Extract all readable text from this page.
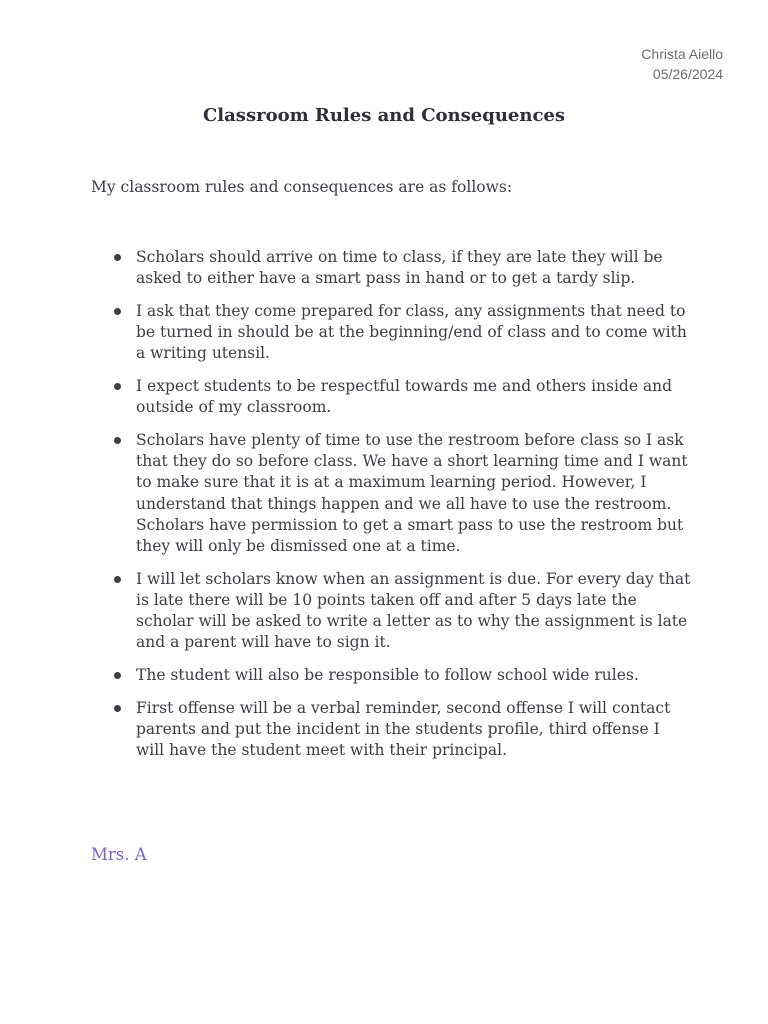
Christa Aiello
05/26/2024
Classroom Rules and Consequences

My classroom rules and consequences are as follows:

Scholars should arrive on time to class, if they are late they will be asked to either have a smart pass in hand or to get a tardy slip.
I ask that they come prepared for class, any assignments that need to be turned in should be at the beginning/end of class and to come with a writing utensil.
I expect students to be respectful towards me and others inside and outside of my classroom.
Scholars have plenty of time to use the restroom before class so I ask that they do so before class. We have a short learning time and I want to make sure that it is at a maximum learning period. However, I understand that things happen and we all have to use the restroom. Scholars have permission to get a smart pass to use the restroom but they will only be dismissed one at a time.
I will let scholars know when an assignment is due. For every day that is late there will be 10 points taken off and after 5 days late the scholar will be asked to write a letter as to why the assignment is late and a parent will have to sign it.
The student will also be responsible to follow school wide rules.
First offense will be a verbal reminder, second offense I will contact parents and put the incident in the students profile, third offense I will have the student meet with their principal.
Mrs. A
